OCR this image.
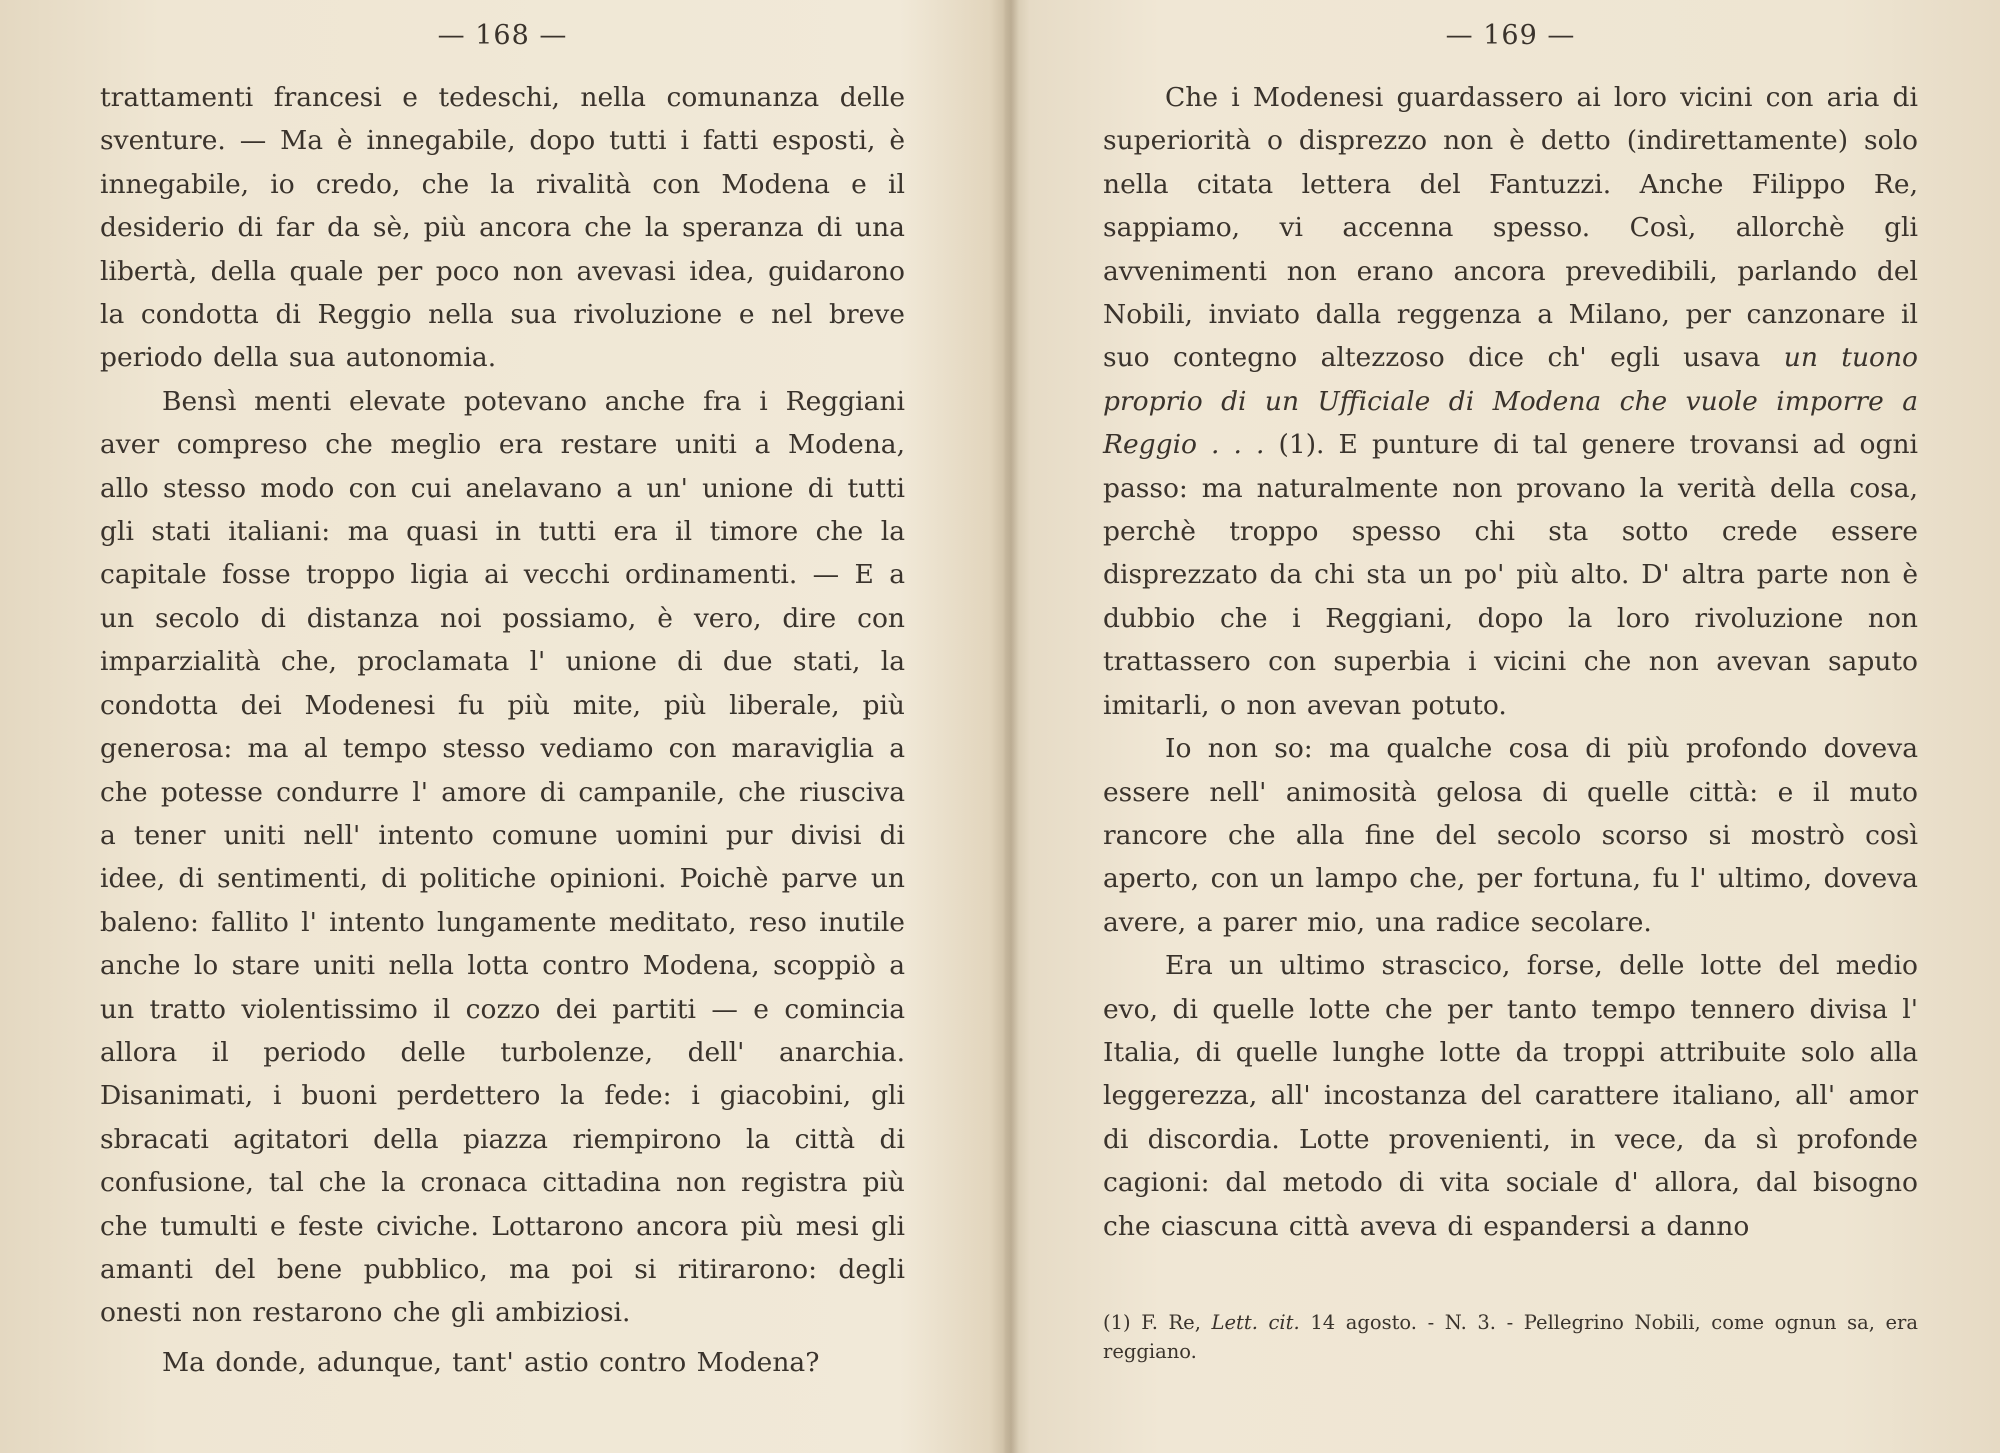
— 168 —

trattamenti francesi e tedeschi, nella comunanza delle sventure. — Ma è innegabile, dopo tutti i fatti esposti, è innegabile, io credo, che la rivalità con Modena e il desiderio di far da sè, più ancora che la speranza di una libertà, della quale per poco non avevasi idea, guidarono la condotta di Reggio nella sua rivoluzione e nel breve periodo della sua autonomia.

Bensì menti elevate potevano anche fra i Reggiani aver compreso che meglio era restare uniti a Modena, allo stesso modo con cui anelavano a un' unione di tutti gli stati italiani: ma quasi in tutti era il timore che la capitale fosse troppo ligia ai vecchi ordinamenti. — E a un secolo di distanza noi possiamo, è vero, dire con imparzialità che, proclamata l' unione di due stati, la condotta dei Modenesi fu più mite, più liberale, più generosa: ma al tempo stesso vediamo con maraviglia a che potesse condurre l' amore di campanile, che riusciva a tener uniti nell' intento comune uomini pur divisi di idee, di sentimenti, di politiche opinioni. Poichè parve un baleno: fallito l' intento lungamente meditato, reso inutile anche lo stare uniti nella lotta contro Modena, scoppiò a un tratto violentissimo il cozzo dei partiti — e comincia allora il periodo delle turbolenze, dell' anarchia. Disanimati, i buoni perdettero la fede: i giacobini, gli sbracati agitatori della piazza riempirono la città di confusione, tal che la cronaca cittadina non registra più che tumulti e feste civiche. Lottarono ancora più mesi gli amanti del bene pubblico, ma poi si ritirarono: degli onesti non restarono che gli ambiziosi.

Ma donde, adunque, tant' astio contro Modena?

— 169 —

Che i Modenesi guardassero ai loro vicini con aria di superiorità o disprezzo non è detto (indirettamente) solo nella citata lettera del Fantuzzi. Anche Filippo Re, sappiamo, vi accenna spesso. Così, allorchè gli avvenimenti non erano ancora prevedibili, parlando del Nobili, inviato dalla reggenza a Milano, per canzonare il suo contegno altezzoso dice ch' egli usava un tuono proprio di un Ufficiale di Modena che vuole imporre a Reggio . . . (1). E punture di tal genere trovansi ad ogni passo: ma naturalmente non provano la verità della cosa, perchè troppo spesso chi sta sotto crede essere disprezzato da chi sta un po' più alto. D' altra parte non è dubbio che i Reggiani, dopo la loro rivoluzione non trattassero con superbia i vicini che non avevan saputo imitarli, o non avevan potuto.

Io non so: ma qualche cosa di più profondo doveva essere nell' animosità gelosa di quelle città: e il muto rancore che alla fine del secolo scorso si mostrò così aperto, con un lampo che, per fortuna, fu l' ultimo, doveva avere, a parer mio, una radice secolare.

Era un ultimo strascico, forse, delle lotte del medio evo, di quelle lotte che per tanto tempo tennero divisa l' Italia, di quelle lunghe lotte da troppi attribuite solo alla leggerezza, all' incostanza del carattere italiano, all' amor di discordia. Lotte provenienti, in vece, da sì profonde cagioni: dal metodo di vita sociale d' allora, dal bisogno che ciascuna città aveva di espandersi a danno

(1) F. Re, Lett. cit. 14 agosto. - N. 3. - Pellegrino Nobili, come ognun sa, era reggiano.
